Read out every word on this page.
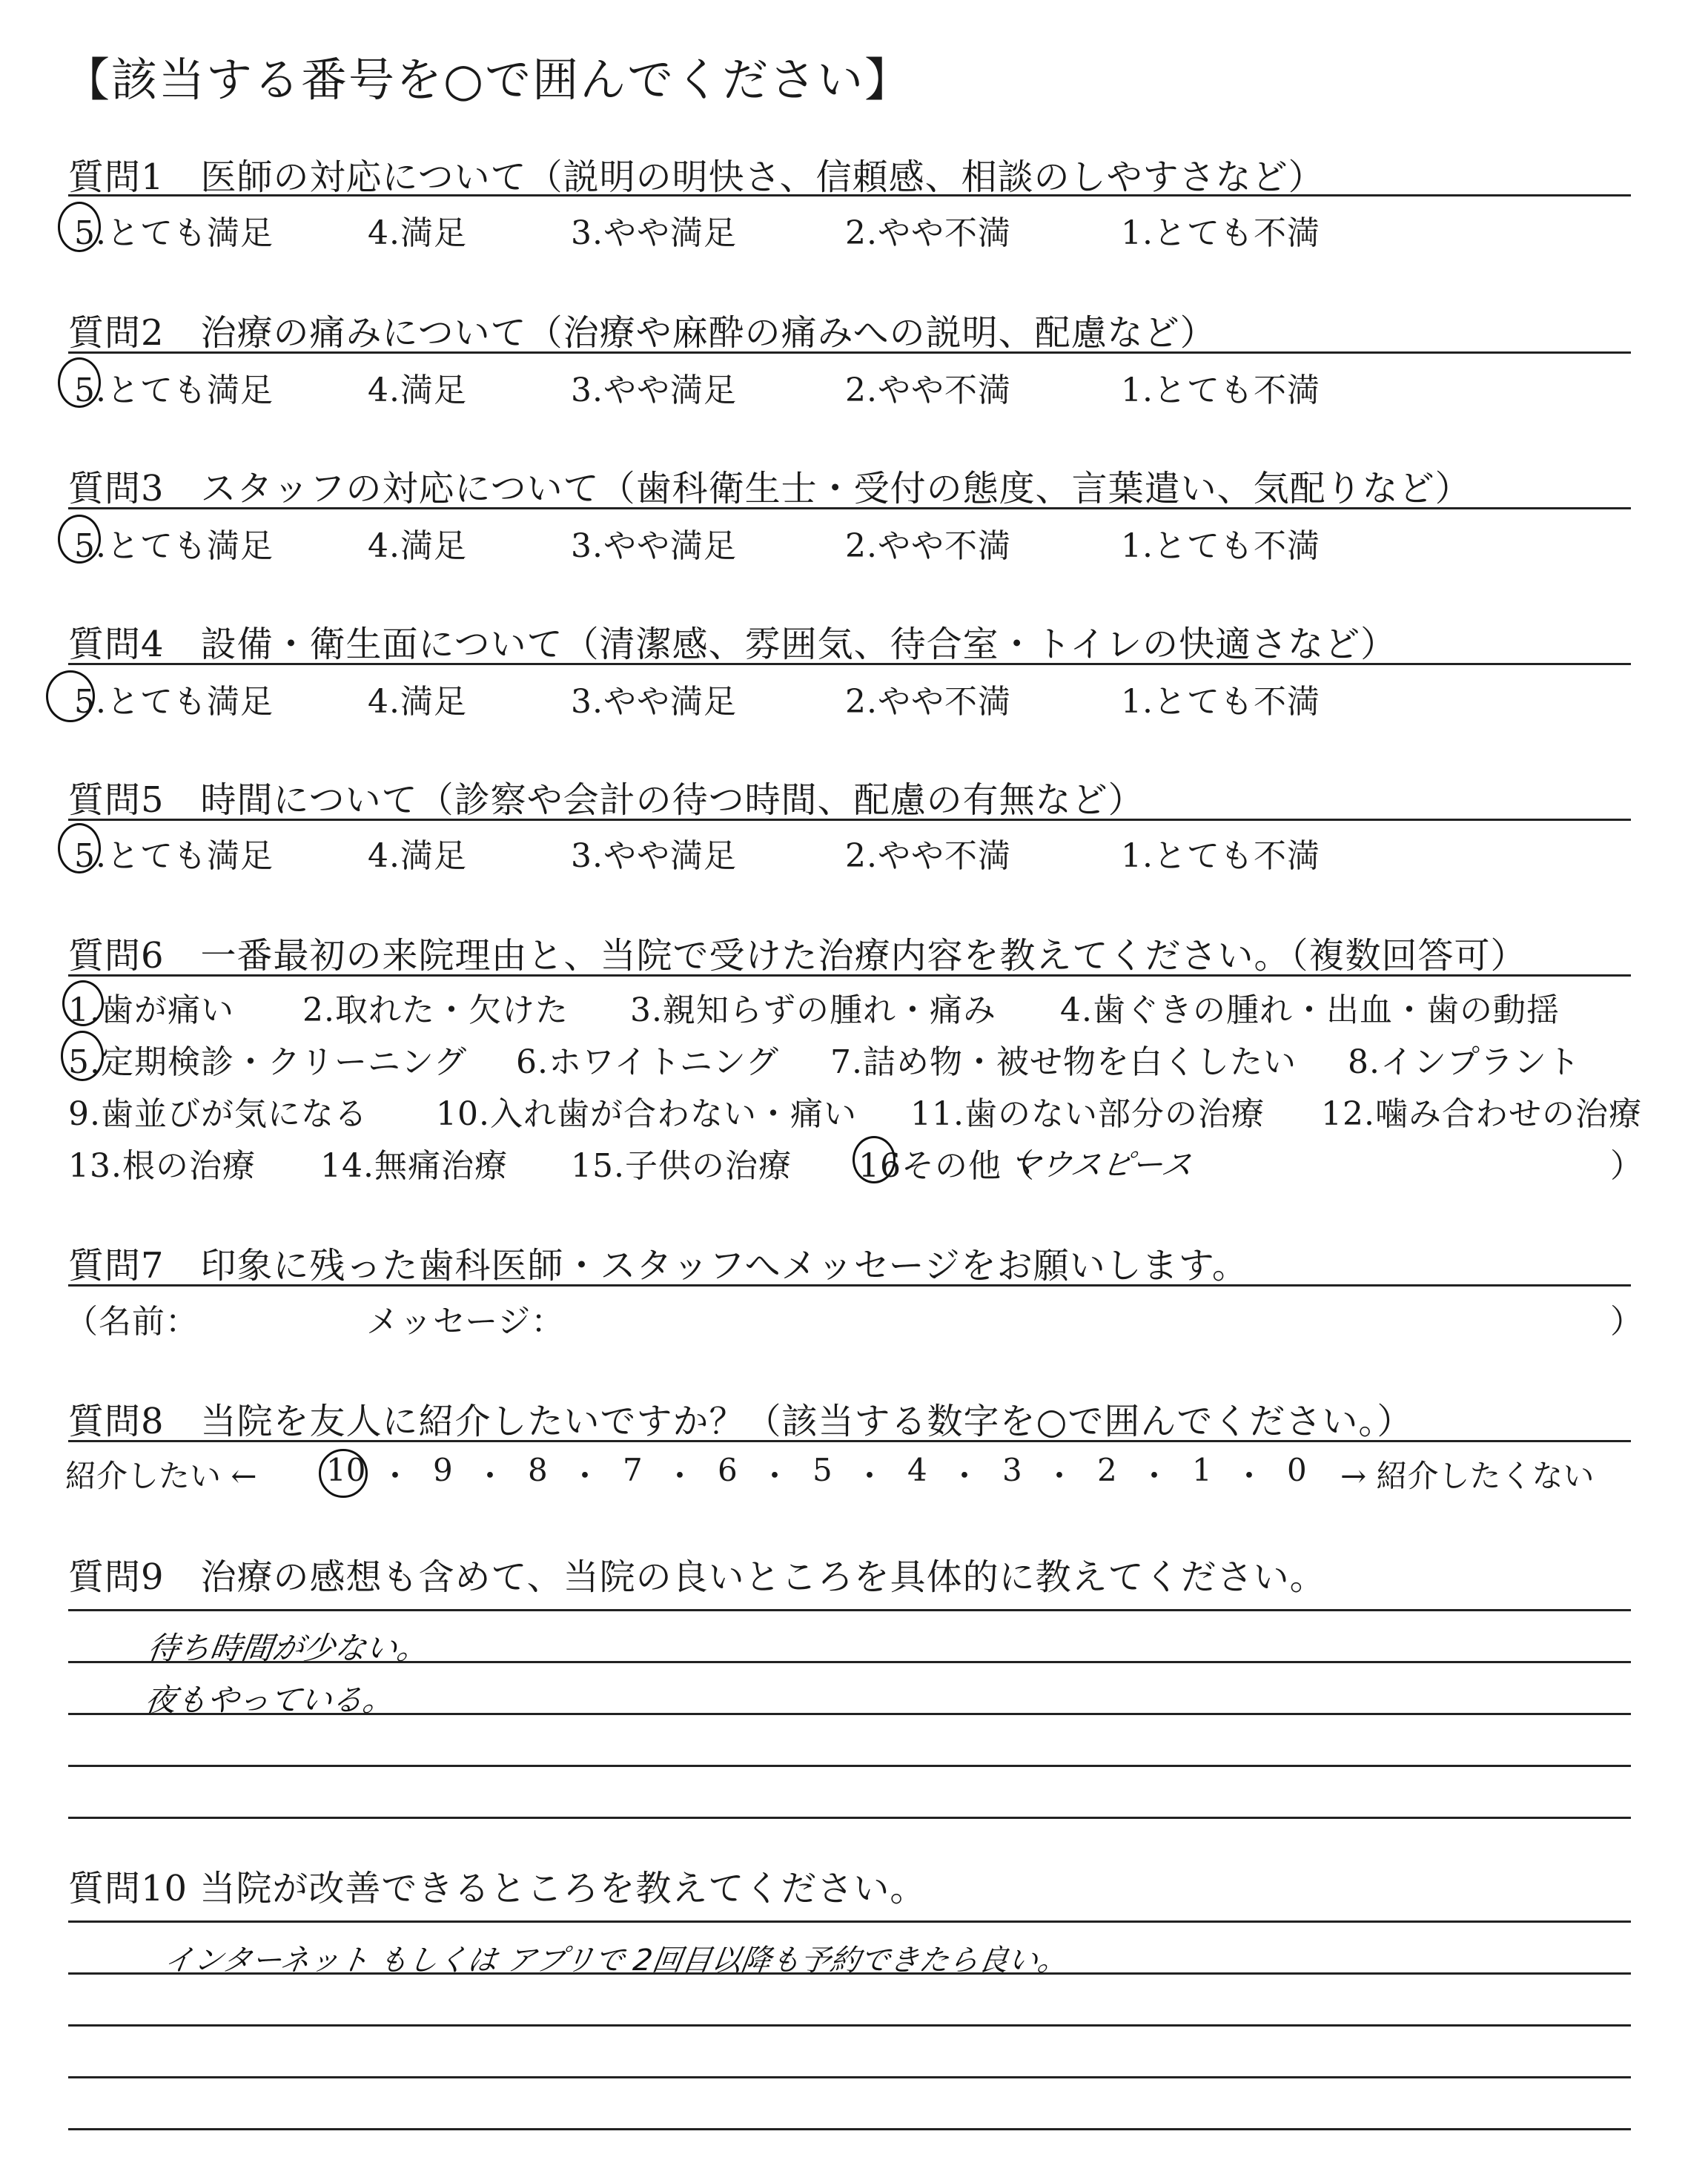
【該当する番号を○で囲んでください】
質問1　医師の対応について（説明の明快さ、信頼感、相談のしやすさなど）
5.とても満足	4.満足	3.やや満足	2.やや不満	1.とても不満
質問2　治療の痛みについて（治療や麻酔の痛みへの説明、配慮など）
5.とても満足	4.満足	3.やや満足	2.やや不満	1.とても不満
質問3　スタッフの対応について（歯科衛生士・受付の態度、言葉遣い、気配りなど）
5.とても満足	4.満足	3.やや満足	2.やや不満	1.とても不満
質問4　設備・衛生面について（清潔感、雰囲気、待合室・トイレの快適さなど）
5.とても満足	4.満足	3.やや満足	2.やや不満	1.とても不満
質問5　時間について（診察や会計の待つ時間、配慮の有無など）
5.とても満足	4.満足	3.やや満足	2.やや不満	1.とても不満
質問6　一番最初の来院理由と、当院で受けた治療内容を教えてください。（複数回答可）
1.歯が痛い 2.取れた・欠けた 3.親知らずの腫れ・痛み 4.歯ぐきの腫れ・出血・歯の動揺
5.定期検診・クリーニング 6.ホワイトニング 7.詰め物・被せ物を白くしたい 8.インプラント
9.歯並びが気になる 10.入れ歯が合わない・痛い 11.歯のない部分の治療 12.噛み合わせの治療
13.根の治療 14.無痛治療 15.子供の治療 16その他（
マウスピース	）
質問7　印象に残った歯科医師・スタッフへメッセージをお願いします。
（名前：	メッセージ：	）
質問8　当院を友人に紹介したいですか？（該当する数字を○で囲んでください。）
紹介したい ← 10 ・ 9 ・ 8 ・ 7 ・ 6 ・ 5 ・ 4 ・ 3 ・ 2 ・ 1 ・ 0 → 紹介したくない
質問9　治療の感想も含めて、当院の良いところを具体的に教えてください。
待ち時間が少ない。
夜もやっている。
質問10 当院が改善できるところを教えてください。
インターネット もしくは アプリで 2回目以降も予約できたら良い。
